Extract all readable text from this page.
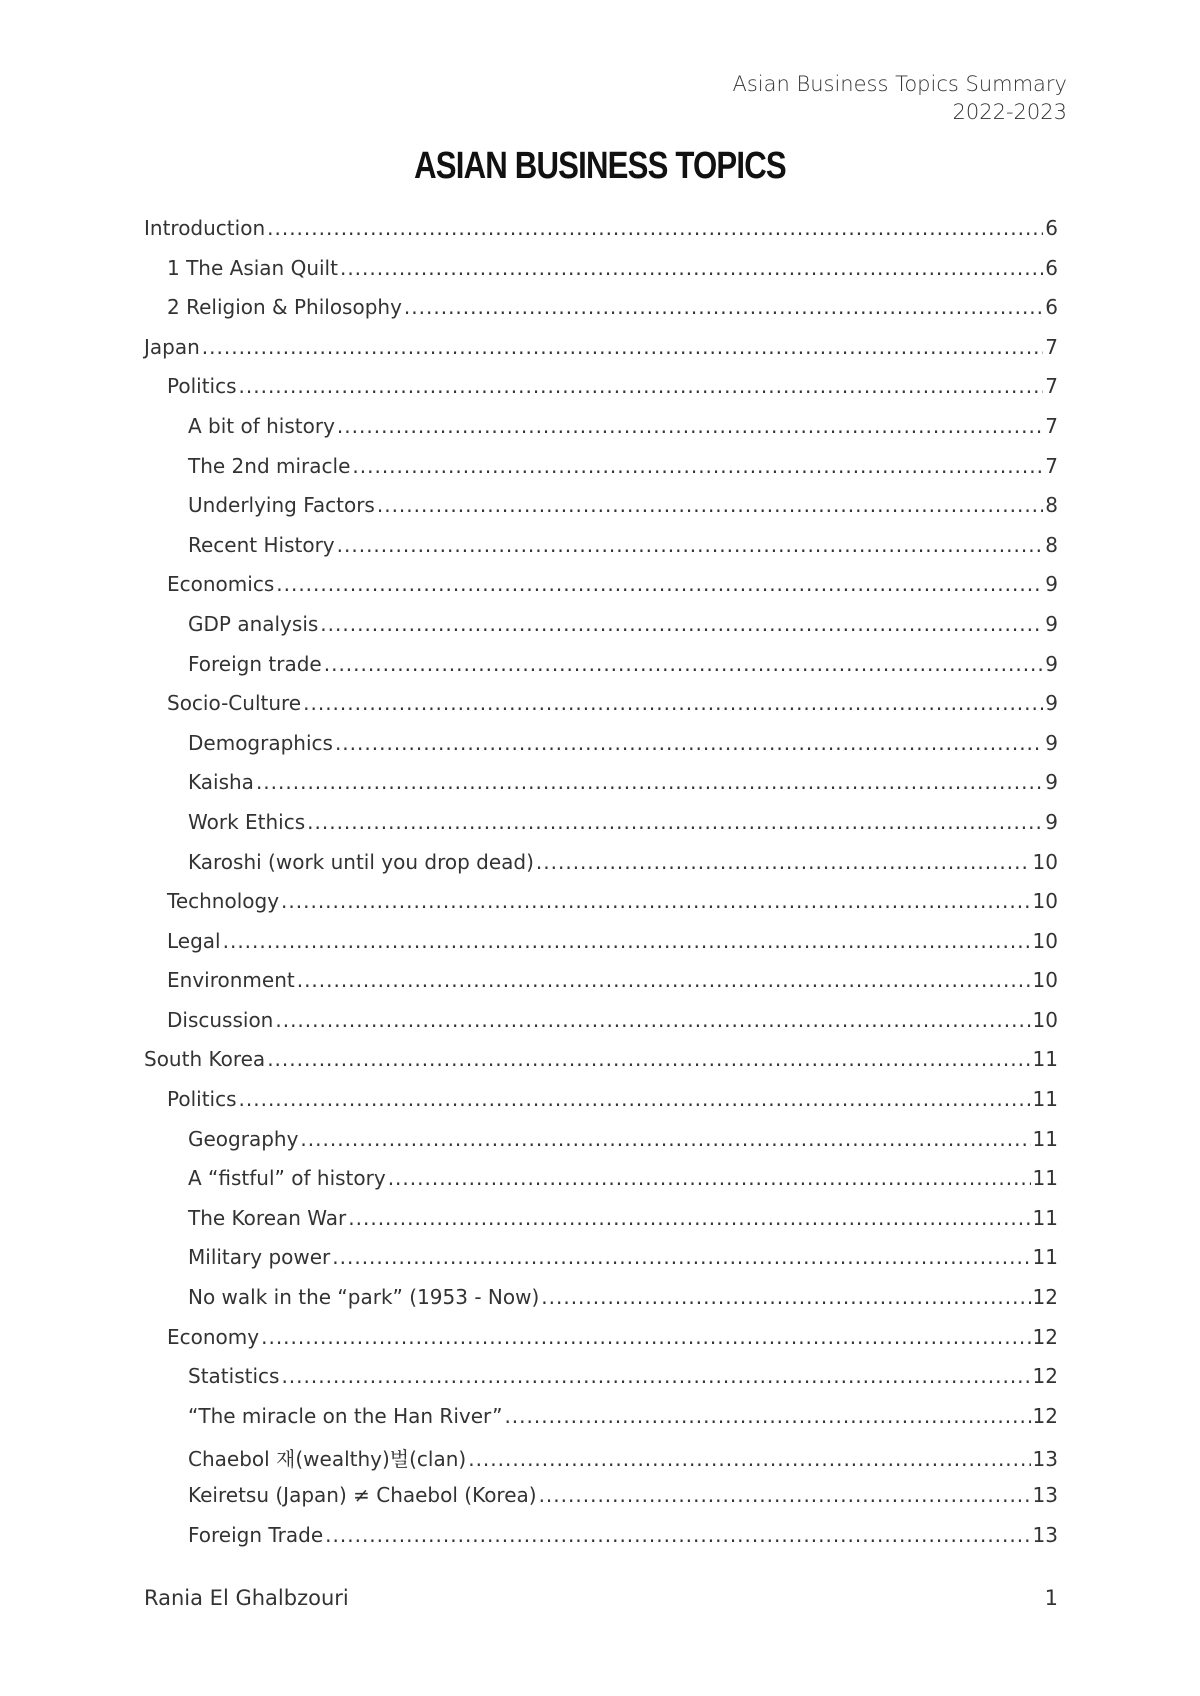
Asian Business Topics Summary
2022-2023
ASIAN BUSINESS TOPICS
Introduction .....	6
1 The Asian Quilt .....	6
2 Religion & Philosophy .....	6
Japan .....	7
Politics .....	7
A bit of history .....	7
The 2nd miracle .....	7
Underlying Factors .....	8
Recent History .....	8
Economics .....	9
GDP analysis .....	9
Foreign trade .....	9
Socio-Culture .....	9
Demographics .....	9
Kaisha .....	9
Work Ethics .....	9
Karoshi (work until you drop dead) .....	10
Technology .....	10
Legal .....	10
Environment .....	10
Discussion .....	10
South Korea .....	11
Politics .....	11
Geography .....	11
A “fistful” of history .....	11
The Korean War .....	11
Military power .....	11
No walk in the “park” (1953 - Now) .....	12
Economy .....	12
Statistics .....	12
“The miracle on the Han River” .....	12
Chaebol 재(wealthy)벌(clan) .....	13
Keiretsu (Japan) ≠ Chaebol (Korea) .....	13
Foreign Trade .....	13
Rania El Ghalbzouri	1
